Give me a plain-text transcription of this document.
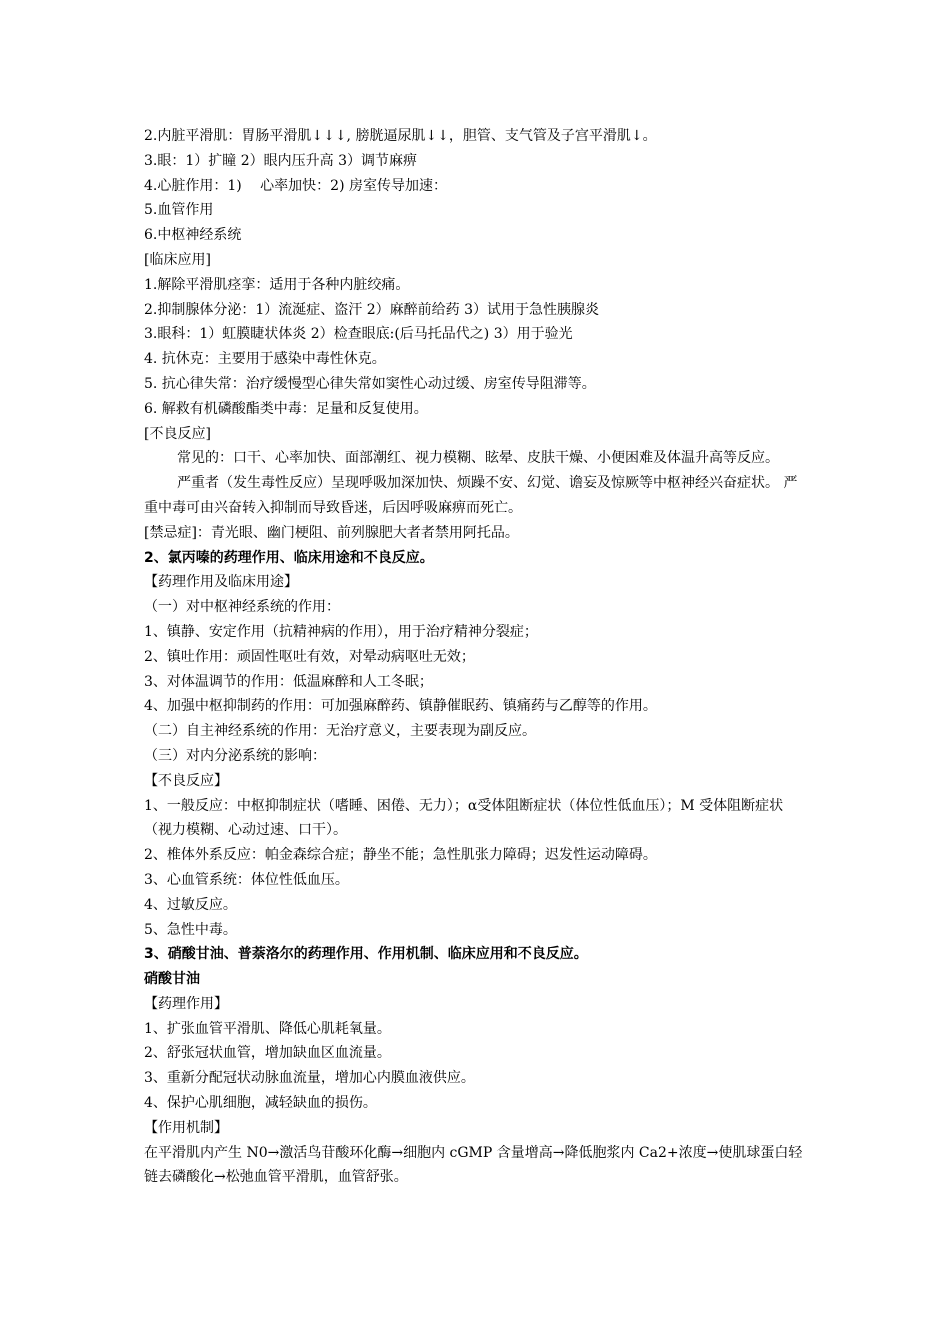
2.内脏平滑肌：胃肠平滑肌↓↓↓, 膀胱逼尿肌↓↓，胆管、支气管及子宫平滑肌↓。
3.眼：1）扩瞳 2）眼内压升高 3）调节麻痹
4.心脏作用：1)　 心率加快：2) 房室传导加速：
5.血管作用
6.中枢神经系统
[临床应用]
1.解除平滑肌痉挛：适用于各种内脏绞痛。
2.抑制腺体分泌：1）流涎症、盗汗 2）麻醉前给药 3）试用于急性胰腺炎
3.眼科：1）虹膜睫状体炎 2）检查眼底:(后马托品代之) 3）用于验光
4. 抗休克：主要用于感染中毒性休克。
5. 抗心律失常：治疗缓慢型心律失常如窦性心动过缓、房室传导阻滞等。
6. 解救有机磷酸酯类中毒：足量和反复使用。
[不良反应]
常见的：口干、心率加快、面部潮红、视力模糊、眩晕、皮肤干燥、小便困难及体温升高等反应。
严重者（发生毒性反应）呈现呼吸加深加快、烦躁不安、幻觉、谵妄及惊厥等中枢神经兴奋症状。 严重中毒可由兴奋转入抑制而导致昏迷，后因呼吸麻痹而死亡。
[禁忌症]：青光眼、幽门梗阻、前列腺肥大者者禁用阿托品。
2、氯丙嗪的药理作用、临床用途和不良反应。
【药理作用及临床用途】
（一）对中枢神经系统的作用：
1、镇静、安定作用（抗精神病的作用），用于治疗精神分裂症；
2、镇吐作用：顽固性呕吐有效，对晕动病呕吐无效；
3、对体温调节的作用：低温麻醉和人工冬眠；
4、加强中枢抑制药的作用：可加强麻醉药、镇静催眠药、镇痛药与乙醇等的作用。
（二）自主神经系统的作用：无治疗意义，主要表现为副反应。
（三）对内分泌系统的影响：
【不良反应】
1、一般反应：中枢抑制症状（嗜睡、困倦、无力）；α受体阻断症状（体位性低血压）；M 受体阻断症状（视力模糊、心动过速、口干）。
2、椎体外系反应：帕金森综合症；静坐不能；急性肌张力障碍；迟发性运动障碍。
3、心血管系统：体位性低血压。
4、过敏反应。
5、急性中毒。
3、硝酸甘油、普萘洛尔的药理作用、作用机制、临床应用和不良反应。
硝酸甘油
【药理作用】
1、扩张血管平滑肌、降低心肌耗氧量。
2、舒张冠状血管，增加缺血区血流量。
3、重新分配冠状动脉血流量，增加心内膜血液供应。
4、保护心肌细胞，减轻缺血的损伤。
【作用机制】
在平滑肌内产生 N0→激活鸟苷酸环化酶→细胞内 cGMP 含量增高→降低胞浆内 Ca2+浓度→使肌球蛋白轻链去磷酸化→松弛血管平滑肌，血管舒张。
